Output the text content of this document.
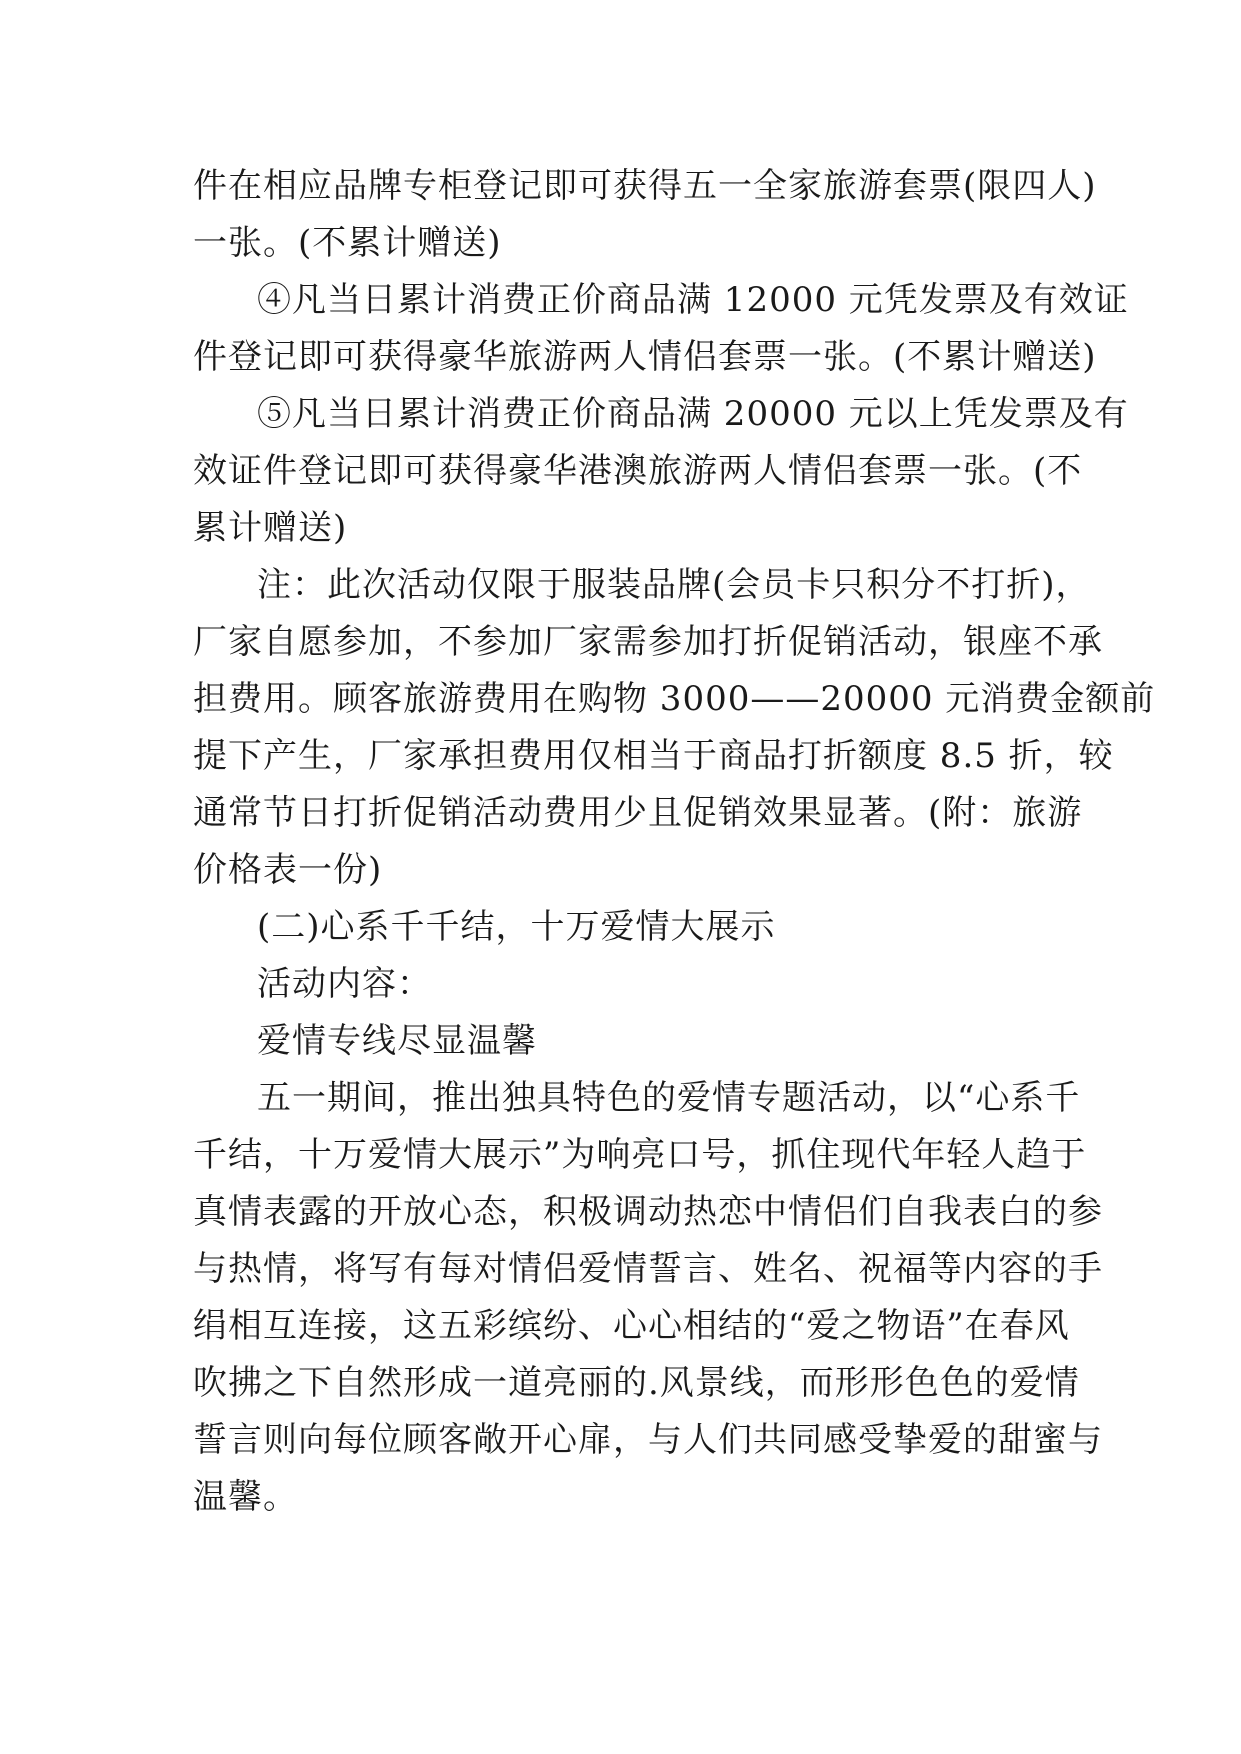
件在相应品牌专柜登记即可获得五一全家旅游套票(限四人)
一张。(不累计赠送)
④凡当日累计消费正价商品满 12000 元凭发票及有效证
件登记即可获得豪华旅游两人情侣套票一张。(不累计赠送)
⑤凡当日累计消费正价商品满 20000 元以上凭发票及有
效证件登记即可获得豪华港澳旅游两人情侣套票一张。(不
累计赠送)
注：此次活动仅限于服装品牌(会员卡只积分不打折)，
厂家自愿参加，不参加厂家需参加打折促销活动，银座不承
担费用。顾客旅游费用在购物 3000——20000 元消费金额前
提下产生，厂家承担费用仅相当于商品打折额度 8.5 折，较
通常节日打折促销活动费用少且促销效果显著。(附：旅游
价格表一份)
(二)心系千千结，十万爱情大展示
活动内容：
爱情专线尽显温馨
五一期间，推出独具特色的爱情专题活动，以“心系千
千结，十万爱情大展示”为响亮口号，抓住现代年轻人趋于
真情表露的开放心态，积极调动热恋中情侣们自我表白的参
与热情，将写有每对情侣爱情誓言、姓名、祝福等内容的手
绢相互连接，这五彩缤纷、心心相结的“爱之物语”在春风
吹拂之下自然形成一道亮丽的.风景线，而形形色色的爱情
誓言则向每位顾客敞开心扉，与人们共同感受挚爱的甜蜜与
温馨。
